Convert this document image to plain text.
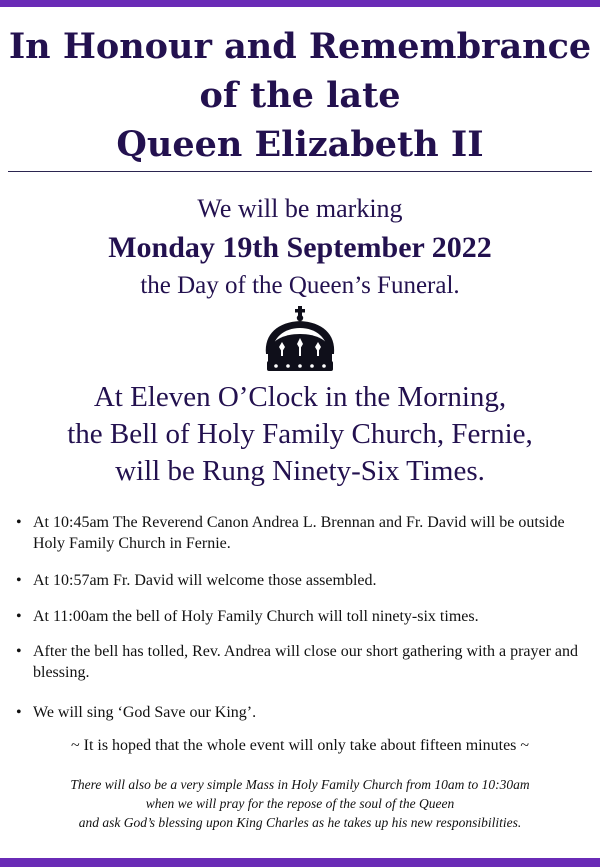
In Honour and Remembrance
of the late
Queen Elizabeth II
We will be marking
Monday 19th September 2022
the Day of the Queen’s Funeral.
At Eleven O’Clock in the Morning,
the Bell of Holy Family Church, Fernie,
will be Rung Ninety-Six Times.
• At 10:45am The Reverend Canon Andrea L. Brennan and Fr. David will be outside Holy Family Church in Fernie.
• At 10:57am Fr. David will welcome those assembled.
• At 11:00am the bell of Holy Family Church will toll ninety-six times.
• After the bell has tolled, Rev. Andrea will close our short gathering with a prayer and blessing.
• We will sing ‘God Save our King’.
~ It is hoped that the whole event will only take about fifteen minutes ~
There will also be a very simple Mass in Holy Family Church from 10am to 10:30am
when we will pray for the repose of the soul of the Queen
and ask God’s blessing upon King Charles as he takes up his new responsibilities.
